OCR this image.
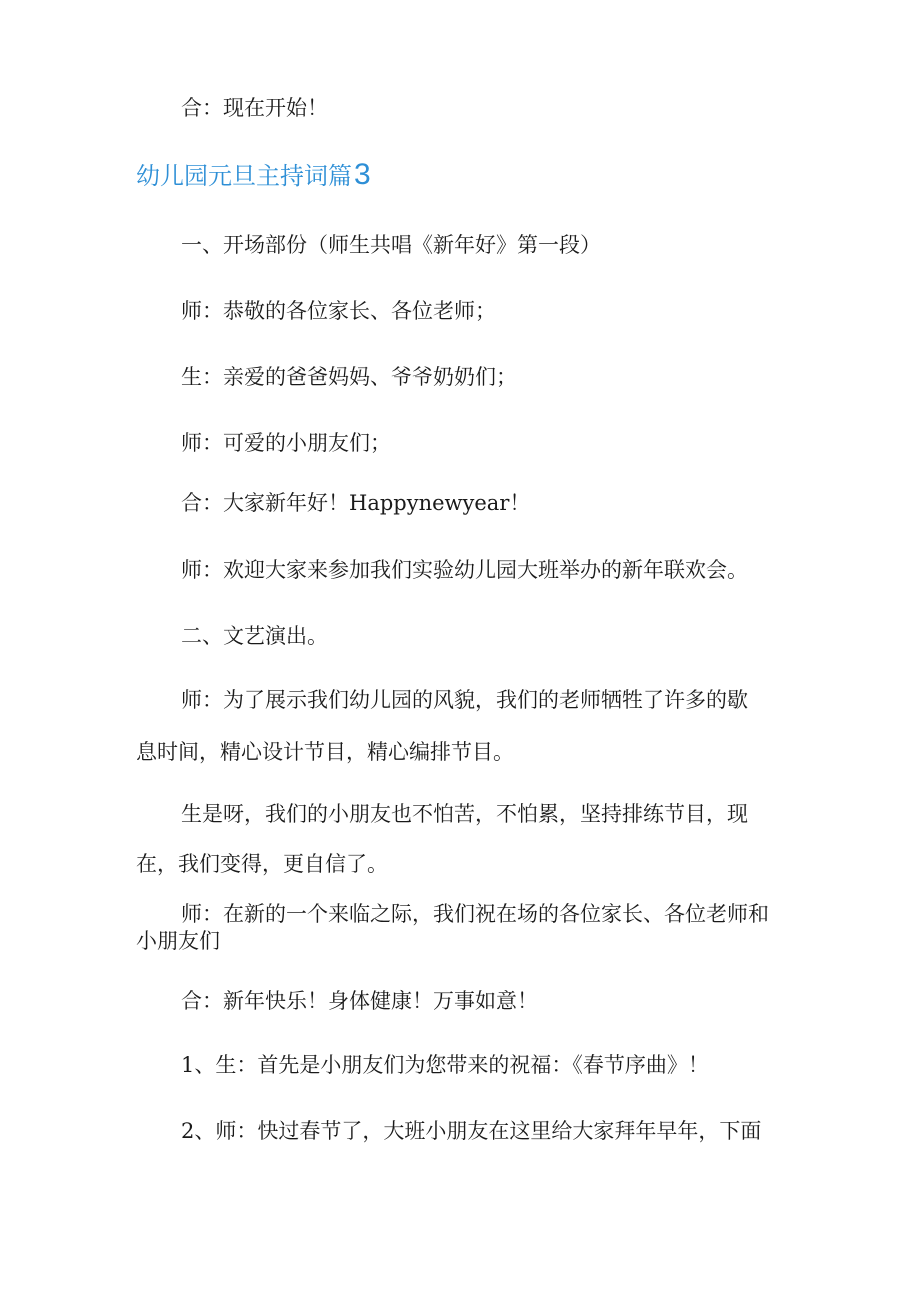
合：现在开始！
幼儿园元旦主持词篇3
一、开场部份（师生共唱《新年好》第一段）
师：恭敬的各位家长、各位老师；
生：亲爱的爸爸妈妈、爷爷奶奶们；
师：可爱的小朋友们；
合：大家新年好！Happynewyear！
师：欢迎大家来参加我们实验幼儿园大班举办的新年联欢会。
二、文艺演出。
师：为了展示我们幼儿园的风貌，我们的老师牺牲了许多的歇
息时间，精心设计节目，精心编排节目。
生是呀，我们的小朋友也不怕苦，不怕累，坚持排练节目，现
在，我们变得，更自信了。
师：在新的一个来临之际，我们祝在场的各位家长、各位老师和
小朋友们
合：新年快乐！身体健康！万事如意！
1、生：首先是小朋友们为您带来的祝福：《春节序曲》！
2、师：快过春节了，大班小朋友在这里给大家拜年早年，下面
